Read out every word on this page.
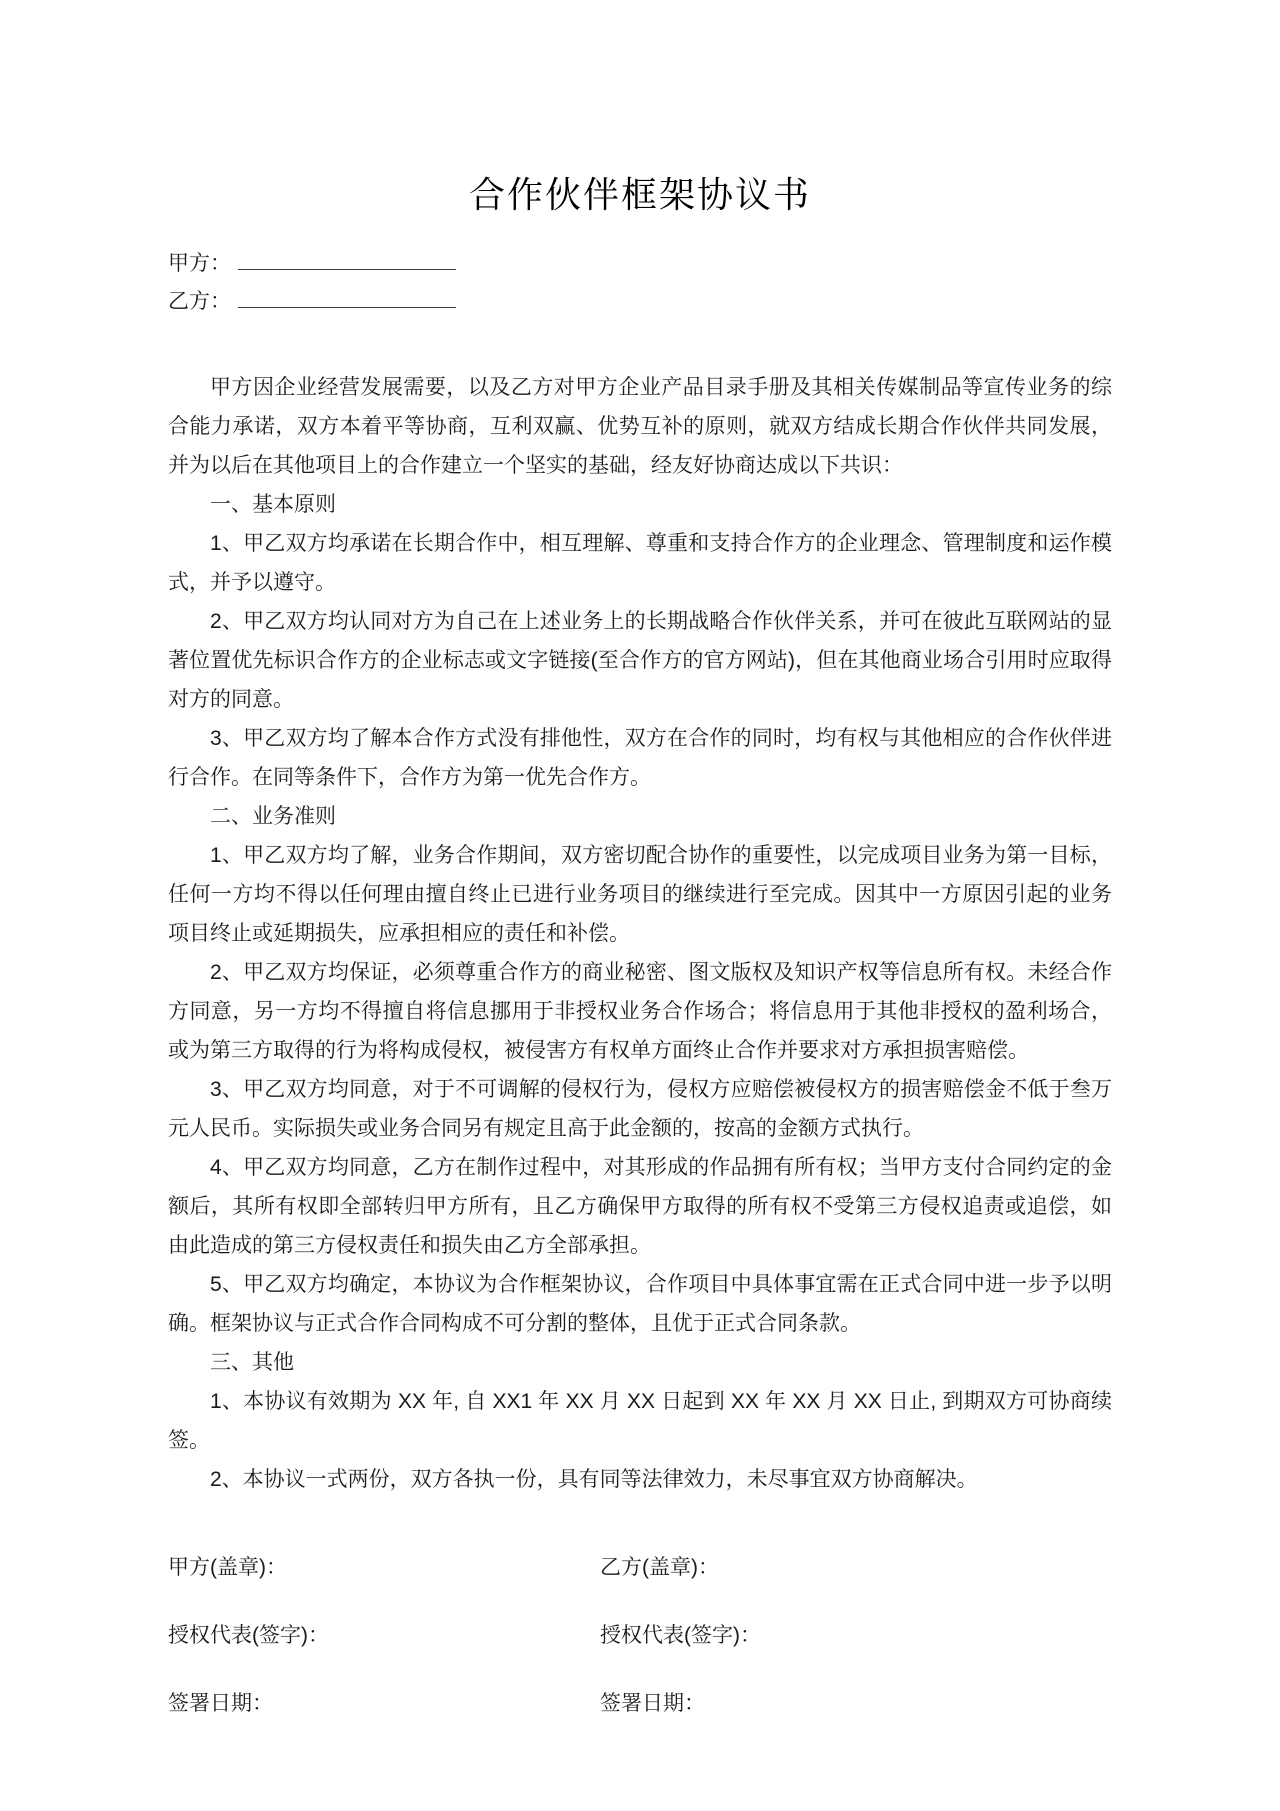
合作伙伴框架协议书
甲方：
乙方：

甲方因企业经营发展需要，以及乙方对甲方企业产品目录手册及其相关传媒制品等宣传业务的综合能力承诺，双方本着平等协商，互利双赢、优势互补的原则，就双方结成长期合作伙伴共同发展，并为以后在其他项目上的合作建立一个坚实的基础，经友好协商达成以下共识：

一、基本原则

1、甲乙双方均承诺在长期合作中，相互理解、尊重和支持合作方的企业理念、管理制度和运作模式，并予以遵守。

2、甲乙双方均认同对方为自己在上述业务上的长期战略合作伙伴关系，并可在彼此互联网站的显著位置优先标识合作方的企业标志或文字链接(至合作方的官方网站)，但在其他商业场合引用时应取得对方的同意。

3、甲乙双方均了解本合作方式没有排他性，双方在合作的同时，均有权与其他相应的合作伙伴进行合作。在同等条件下，合作方为第一优先合作方。

二、业务准则

1、甲乙双方均了解，业务合作期间，双方密切配合协作的重要性，以完成项目业务为第一目标，任何一方均不得以任何理由擅自终止已进行业务项目的继续进行至完成。因其中一方原因引起的业务项目终止或延期损失，应承担相应的责任和补偿。

2、甲乙双方均保证，必须尊重合作方的商业秘密、图文版权及知识产权等信息所有权。未经合作方同意，另一方均不得擅自将信息挪用于非授权业务合作场合；将信息用于其他非授权的盈利场合，或为第三方取得的行为将构成侵权，被侵害方有权单方面终止合作并要求对方承担损害赔偿。

3、甲乙双方均同意，对于不可调解的侵权行为，侵权方应赔偿被侵权方的损害赔偿金不低于叁万元人民币。实际损失或业务合同另有规定且高于此金额的，按高的金额方式执行。

4、甲乙双方均同意，乙方在制作过程中，对其形成的作品拥有所有权；当甲方支付合同约定的金额后，其所有权即全部转归甲方所有，且乙方确保甲方取得的所有权不受第三方侵权追责或追偿，如由此造成的第三方侵权责任和损失由乙方全部承担。

5、甲乙双方均确定，本协议为合作框架协议，合作项目中具体事宜需在正式合同中进一步予以明确。框架协议与正式合作合同构成不可分割的整体，且优于正式合同条款。

三、其他

1、本协议有效期为 XX 年, 自 XX1 年 XX 月 XX 日起到 XX 年 XX 月 XX 日止, 到期双方可协商续签。

2、本协议一式两份，双方各执一份，具有同等法律效力，未尽事宜双方协商解决。

甲方(盖章)：	乙方(盖章)：
授权代表(签字)：	授权代表(签字)：
签署日期：	签署日期：
